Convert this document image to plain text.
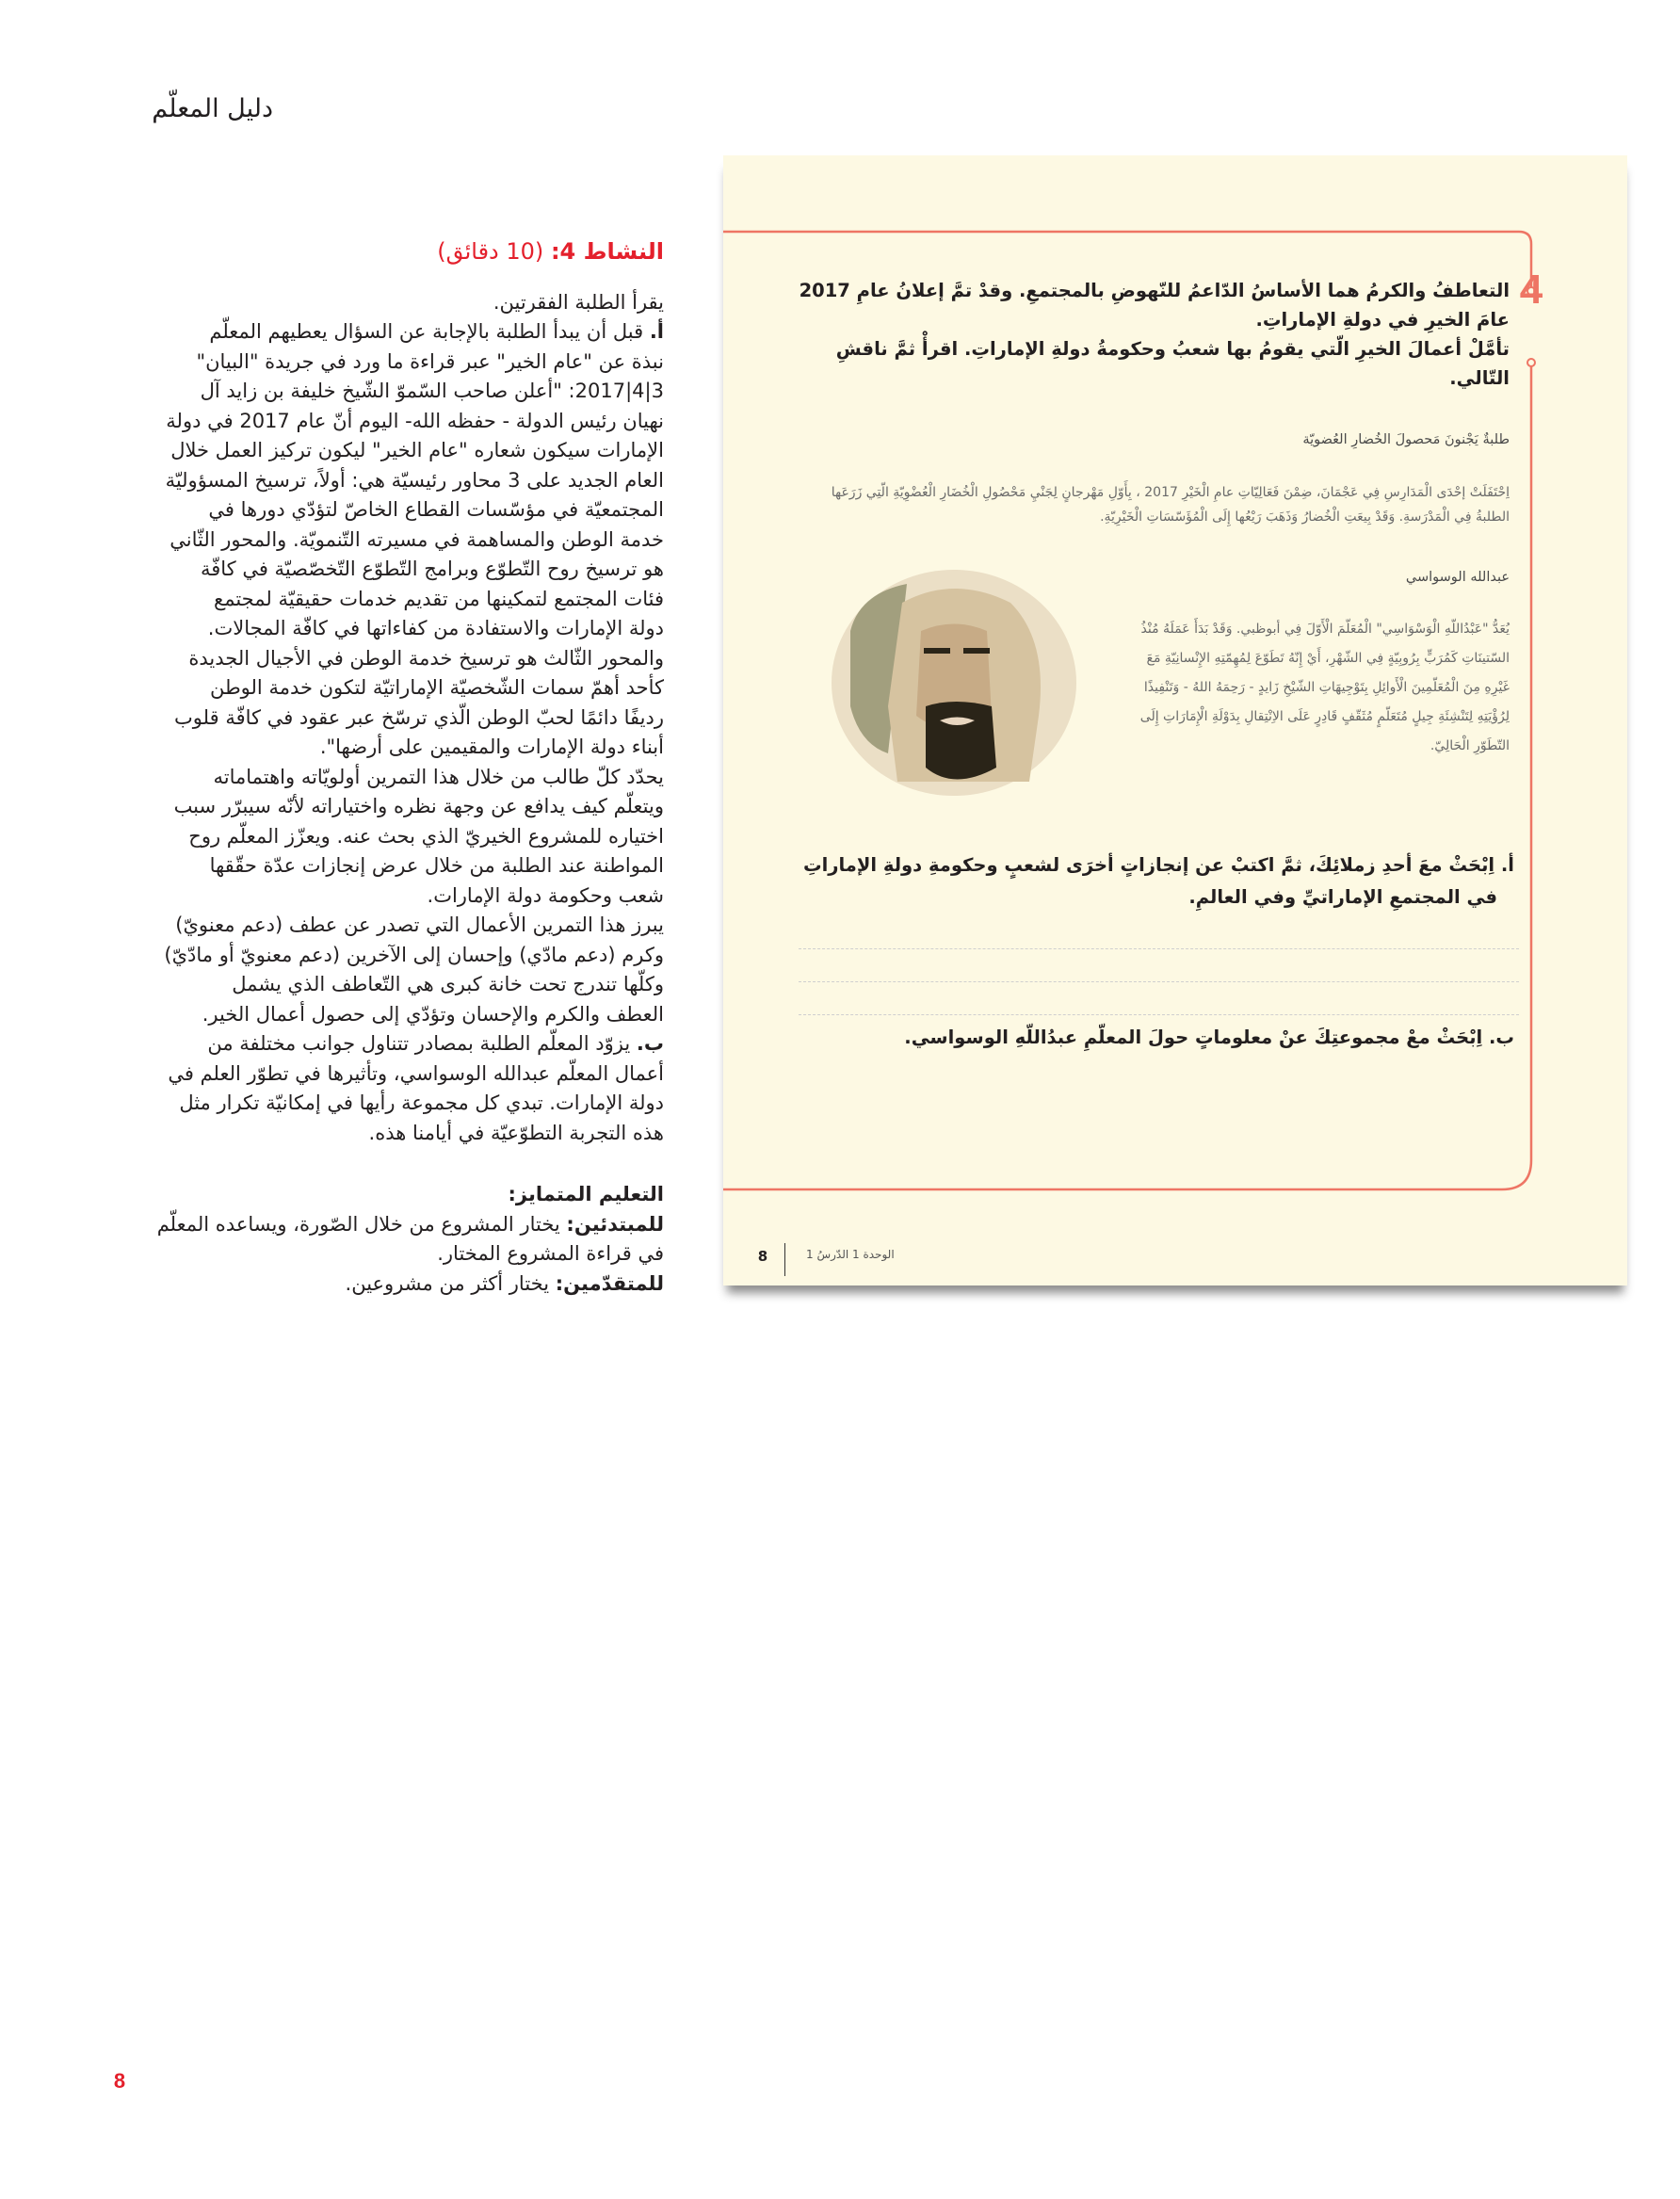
دليل المعلّم
النشاط 4: (10 دقائق)

يقرأ الطلبة الفقرتين.

أ. قبل أن يبدأ الطلبة بالإجابة عن السؤال يعطيهم المعلّم

نبذة عن "عام الخير" عبر قراءة ما ورد في جريدة "البيان"

3|4|2017: "أعلن صاحب السّموّ الشّيخ خليفة بن زايد آل

نهيان رئيس الدولة - حفظه الله- اليوم أنّ عام 2017 في دولة

الإمارات سيكون شعاره "عام الخير" ليكون تركيز العمل خلال

العام الجديد على 3 محاور رئيسيّة هي: أولاً، ترسيخ المسؤوليّة

المجتمعيّة في مؤسّسات القطاع الخاصّ لتؤدّي دورها في

خدمة الوطن والمساهمة في مسيرته التّنمويّة. والمحور الثّاني

هو ترسيخ روح التّطوّع وبرامج التّطوّع التّخصّصيّة في كافّة

فئات المجتمع لتمكينها من تقديم خدمات حقيقيّة لمجتمع

دولة الإمارات والاستفادة من كفاءاتها في كافّة المجالات.

والمحور الثّالث هو ترسيخ خدمة الوطن في الأجيال الجديدة

كأحد أهمّ سمات الشّخصيّة الإماراتيّة لتكون خدمة الوطن

رديفًا دائمًا لحبّ الوطن الّذي ترسّخ عبر عقود في كافّة قلوب

أبناء دولة الإمارات والمقيمين على أرضها".

يحدّد كلّ طالب من خلال هذا التمرين أولويّاته واهتماماته

ويتعلّم كيف يدافع عن وجهة نظره واختياراته لأنّه سيبرّر سبب

اختياره للمشروع الخيريّ الذي بحث عنه. ويعزّز المعلّم روح

المواطنة عند الطلبة من خلال عرض إنجازات عدّة حقّقها

شعب وحكومة دولة الإمارات.

يبرز هذا التمرين الأعمال التي تصدر عن عطف (دعم معنويّ)

وكرم (دعم مادّي) وإحسان إلى الآخرين (دعم معنويّ أو مادّيّ)

وكلّها تندرج تحت خانة كبرى هي التّعاطف الذي يشمل

العطف والكرم والإحسان وتؤدّي إلى حصول أعمال الخير.

ب. يزوّد المعلّم الطلبة بمصادر تتناول جوانب مختلفة من

أعمال المعلّم عبدالله الوسواسي، وتأثيرها في تطوّر العلم في

دولة الإمارات. تبدي كل مجموعة رأيها في إمكانيّة تكرار مثل

هذه التجربة التطوّعيّة في أيامنا هذه.

التعليم المتمايز:

للمبتدئين: يختار المشروع من خلال الصّورة، ويساعده المعلّم

في قراءة المشروع المختار.

للمتقدّمين: يختار أكثر من مشروعين.

4
التعاطفُ والكرمُ هما الأساسُ الدّاعمُ للنّهوضِ بالمجتمعِ. وقدْ تمَّ إعلانُ عامِ 2017
عامَ الخيرِ في دولةِ الإماراتِ.
تأمَّلْ أعمالَ الخيرِ الّتي يقومُ بها شعبُ وحكومةُ دولةِ الإماراتِ. اقرأْ ثمَّ ناقشِ التّالي.
طلبةٌ يَجْنونَ مَحصولَ الخُضارِ العُضويّة
اِحْتَفَلَتْ إحْدَى الْمَدَارِسِ فِي عَجْمَانَ، ضِمْنَ فَعَالِيّاتِ عامِ الْخَيْرِ 2017 ، بِأَوّلِ مَهْرجانٍ لِجَنْيِ مَحْصُولِ الْخُضَارِ الْعُضْوِيّةِ الّتِي زَرَعَها الطلبةُ فِي الْمَدْرَسةِ. وَقَدْ بِيعَتِ الْخُضارُ وَذَهَبَ رَيْعُها إِلَى الْمُؤَسّسَاتِ الْخَيْرِيّةِ.
عبدالله الوسواسي
يُعَدُّ "عَبْدُاللّهِ الْوَسْوَاسِي" الْمُعَلّمَ الْأَوّلَ فِي أبوظبي. وَقَدْ بَدَأَ عَمَلَهُ مُنْذُ السّتينَاتِ كَمُرَبٍّ بِرُوبِيّةٍ فِي الشّهْرِ، أَيْ إِنّهُ تَطَوّعَ لِمُهِمّتِهِ الإِنْسانِيّةِ مَعَ غَيْرِهِ مِنَ الْمُعَلّمِينَ الْأَوائِلِ بِتَوْجِيهَاتِ الشّيْخِ زَايدٍ - رَحِمَهُ اللهُ - وَتَنْفِيذًا لِرُؤْيَتِهِ لِتَنْشِئَةِ جِيلٍ مُتَعَلّمٍ مُثَقّفٍ قَادِرٍ عَلَى الاِنْتِقالِ بِدَوْلَةِ الْإِمَارَاتِ إِلَى التّطَوّرِ الْحَالِيّ.
أ. اِبْحَثْ معَ أحدِ زملائِكَ، ثمَّ اكتبْ عن إنجازاتٍ أخرَى لشعبٍ وحكومةِ دولةِ الإماراتِ
في المجتمعِ الإماراتيِّ وفي العالمِ.
ب. اِبْحَثْ معْ مجموعتِكَ عنْ معلوماتٍ حولَ المعلّمِ عبدُاللّهِ الوسواسي.
8	الوحدة 1 الدّرسُ 1
8
